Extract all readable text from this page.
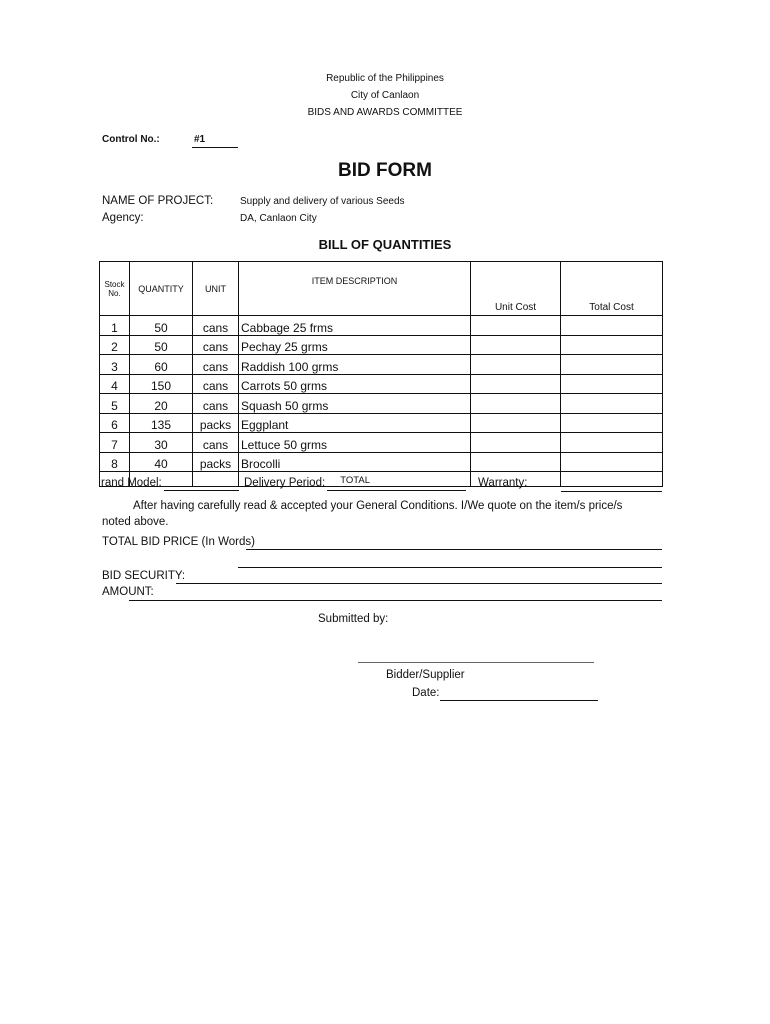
Republic of the Philippines
City of Canlaon
BIDS AND AWARDS COMMITTEE
Control No.:	#1
BID FORM
NAME OF PROJECT:	Supply and delivery of various Seeds
Agency:	DA, Canlaon City
BILL OF QUANTITIES
Stock No.	QUANTITY	UNIT	ITEM DESCRIPTION	Unit Cost	Total Cost
1	50	cans	Cabbage 25 frms		
2	50	cans	Pechay 25 grms		
3	60	cans	Raddish 100 grms		
4	150	cans	Carrots 50 grms		
5	20	cans	Squash 50 grms		
6	135	packs	Eggplant		
7	30	cans	Lettuce 50 grms		
8	40	packs	Brocolli		
			TOTAL		
rand Model:	Delivery Period:	Warranty:
After having carefully read & accepted your General Conditions. I/We quote on the item/s price/s
noted above.
TOTAL BID PRICE (In Words)
BID SECURITY:
AMOUNT:
Submitted by:
Bidder/Supplier
Date:
